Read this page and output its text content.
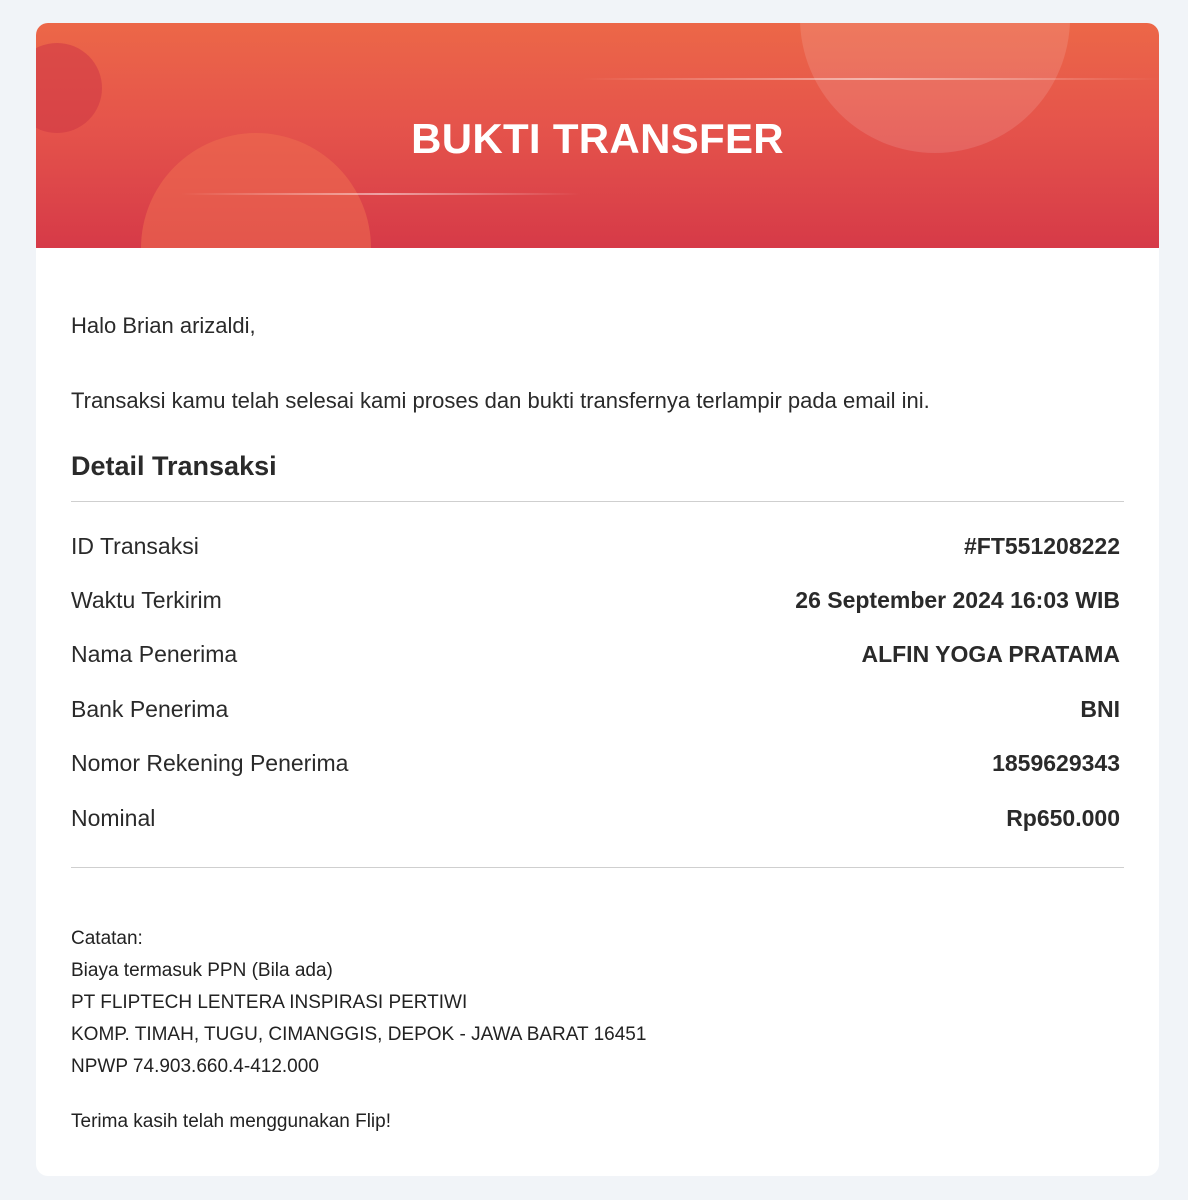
BUKTI TRANSFER
Halo Brian arizaldi,
Transaksi kamu telah selesai kami proses dan bukti transfernya terlampir pada email ini.
Detail Transaksi
ID Transaksi	#FT551208222
Waktu Terkirim	26 September 2024 16:03 WIB
Nama Penerima	ALFIN YOGA PRATAMA
Bank Penerima	BNI
Nomor Rekening Penerima	1859629343
Nominal	Rp650.000
Catatan:
Biaya termasuk PPN (Bila ada)
PT FLIPTECH LENTERA INSPIRASI PERTIWI
KOMP. TIMAH, TUGU, CIMANGGIS, DEPOK - JAWA BARAT 16451
NPWP 74.903.660.4-412.000
Terima kasih telah menggunakan Flip!
